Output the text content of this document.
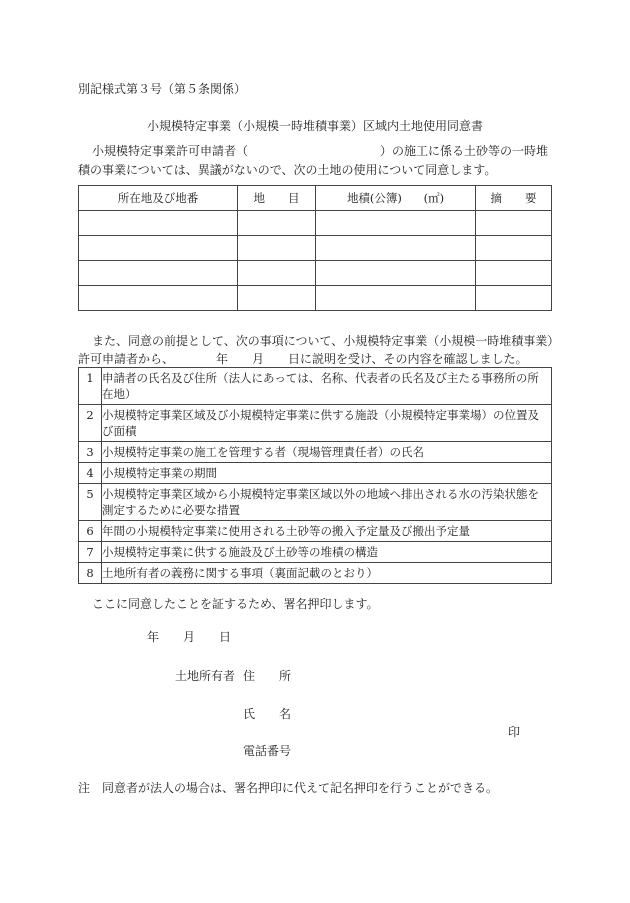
別記様式第３号（第５条関係）
小規模特定事業（小規模一時堆積事業）区域内土地使用同意書
小規模特定事業許可申請者（	）の施工に係る土砂等の一時堆
積の事業については、異議がないので、次の土地の使用について同意します。
所在地及び地番	地　　目	地積(公簿) (㎡)	摘　　要

また、同意の前提として、次の事項について、小規模特定事業（小規模一時堆積事業）
許可申請者から、　　　　年　　月　　日に説明を受け、その内容を確認しました。
1	申請者の氏名及び住所（法人にあっては、名称、代表者の氏名及び主たる事務所の所在地）
2	小規模特定事業区域及び小規模特定事業に供する施設（小規模特定事業場）の位置及び面積
3	小規模特定事業の施工を管理する者（現場管理責任者）の氏名
4	小規模特定事業の期間
5	小規模特定事業区域から小規模特定事業区域以外の地域へ排出される水の汚染状態を測定するために必要な措置
6	年間の小規模特定事業に使用される土砂等の搬入予定量及び搬出予定量
7	小規模特定事業に供する施設及び土砂等の堆積の構造
8	土地所有者の義務に関する事項（裏面記載のとおり）
ここに同意したことを証するため、署名押印します。
年　　月　　日
土地所有者 住　　所
氏　　名
印
電話番号
注　同意者が法人の場合は、署名押印に代えて記名押印を行うことができる。
